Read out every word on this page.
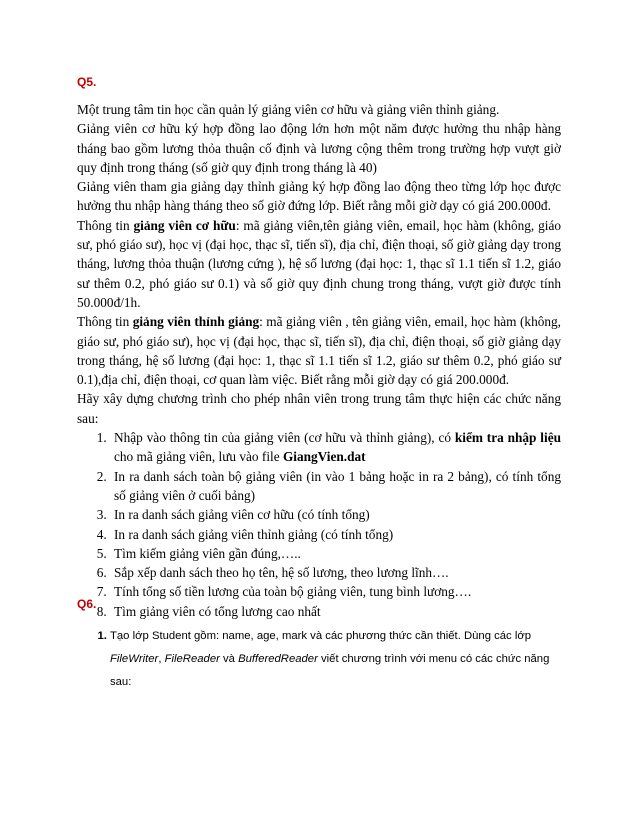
Q5.

Một trung tâm tin học cần quản lý giảng viên cơ hữu và giảng viên thỉnh giảng.

Giảng viên cơ hữu ký hợp đồng lao động lớn hơn một năm được hưởng thu nhập hàng tháng bao gồm lương thỏa thuận cố định và lương cộng thêm trong trường hợp vượt giờ quy định trong tháng (số giờ quy định trong tháng là 40)

Giảng viên tham gia giảng dạy thỉnh giảng ký hợp đồng lao động theo từng lớp học được hưởng thu nhập hàng tháng theo số giờ đứng lớp. Biết rằng mỗi giờ dạy có giá 200.000đ.

Thông tin giảng viên cơ hữu: mã giảng viên,tên giảng viên, email, học hàm (không, giáo sư, phó giáo sư), học vị (đại học, thạc sĩ, tiến sĩ), địa chỉ, điện thoại, số giờ giảng dạy trong tháng, lương thỏa thuận (lương cứng ), hệ số lương (đại học: 1, thạc sĩ 1.1 tiến sĩ 1.2, giáo sư thêm 0.2, phó giáo sư 0.1) và số giờ quy định chung trong tháng, vượt giờ được tính 50.000đ/1h.

Thông tin giảng viên thỉnh giảng: mã giảng viên , tên giảng viên, email, học hàm (không, giáo sư, phó giáo sư), học vị (đại học, thạc sĩ, tiến sĩ), địa chỉ, điện thoại, số giờ giảng dạy trong tháng, hệ số lương (đại học: 1, thạc sĩ 1.1 tiến sĩ 1.2, giáo sư thêm 0.2, phó giáo sư 0.1),địa chỉ, điện thoại, cơ quan làm việc. Biết rằng mỗi giờ dạy có giá 200.000đ.

Hãy xây dựng chương trình cho phép nhân viên trong trung tâm thực hiện các chức năng sau:

1. Nhập vào thông tin của giảng viên (cơ hữu và thỉnh giảng), có kiểm tra nhập liệu cho mã giảng viên, lưu vào file GiangVien.dat
2. In ra danh sách toàn bộ giảng viên (in vào 1 bảng hoặc in ra 2 bảng), có tính tổng số giảng viên ở cuối bảng)
3. In ra danh sách giảng viên cơ hữu (có tính tổng)
4. In ra danh sách giảng viên thỉnh giảng (có tính tổng)
5. Tìm kiếm giảng viên gần đúng,…..
6. Sắp xếp danh sách theo họ tên, hệ số lương, theo lương lĩnh….
7. Tính tổng số tiền lương của toàn bộ giảng viên, tung bình lương….
8. Tìm giảng viên có tổng lương cao nhất
Q6.
1. Tạo lớp Student gồm: name, age, mark và các phương thức cần thiết. Dùng các lớp FileWriter, FileReader và BufferedReader viết chương trình với menu có các chức năng sau:
